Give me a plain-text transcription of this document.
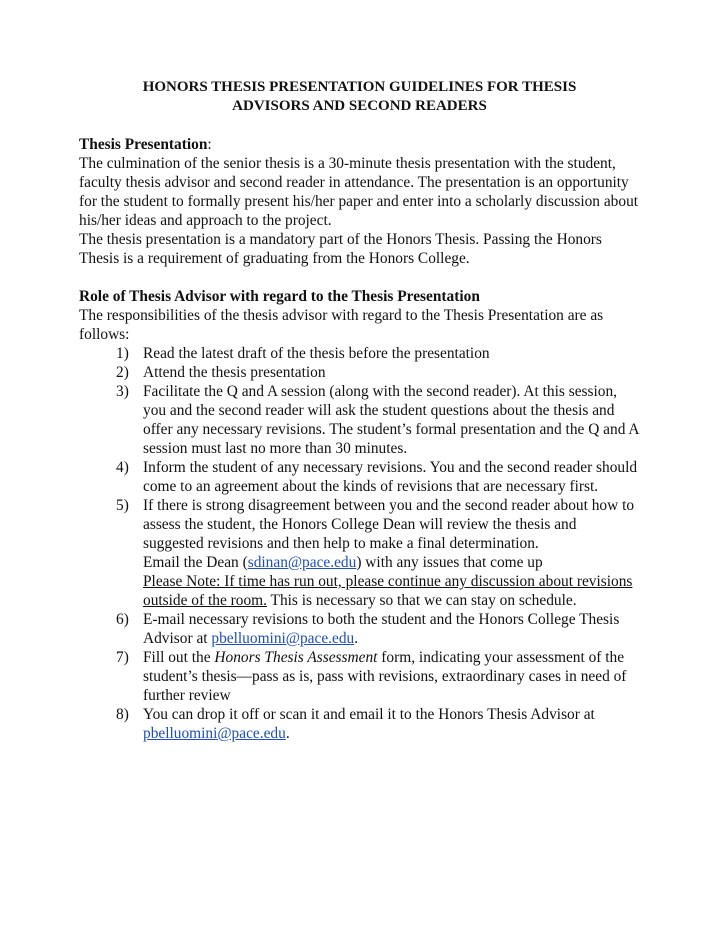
HONORS THESIS PRESENTATION GUIDELINES FOR THESIS ADVISORS AND SECOND READERS

Thesis Presentation:

The culmination of the senior thesis is a 30-minute thesis presentation with the student, faculty thesis advisor and second reader in attendance. The presentation is an opportunity for the student to formally present his/her paper and enter into a scholarly discussion about his/her ideas and approach to the project.

The thesis presentation is a mandatory part of the Honors Thesis. Passing the Honors Thesis is a requirement of graduating from the Honors College.

Role of Thesis Advisor with regard to the Thesis Presentation

The responsibilities of the thesis advisor with regard to the Thesis Presentation are as follows:

1) Read the latest draft of the thesis before the presentation
2) Attend the thesis presentation
3) Facilitate the Q and A session (along with the second reader). At this session, you and the second reader will ask the student questions about the thesis and offer any necessary revisions. The student’s formal presentation and the Q and A session must last no more than 30 minutes.
4) Inform the student of any necessary revisions. You and the second reader should come to an agreement about the kinds of revisions that are necessary first.
5) If there is strong disagreement between you and the second reader about how to assess the student, the Honors College Dean will review the thesis and suggested revisions and then help to make a final determination.
Email the Dean (sdinan@pace.edu) with any issues that come up
Please Note: If time has run out, please continue any discussion about revisions outside of the room. This is necessary so that we can stay on schedule.
6) E-mail necessary revisions to both the student and the Honors College Thesis Advisor at pbelluomini@pace.edu.
7) Fill out the Honors Thesis Assessment form, indicating your assessment of the student’s thesis—pass as is, pass with revisions, extraordinary cases in need of further review
8) You can drop it off or scan it and email it to the Honors Thesis Advisor at pbelluomini@pace.edu.
